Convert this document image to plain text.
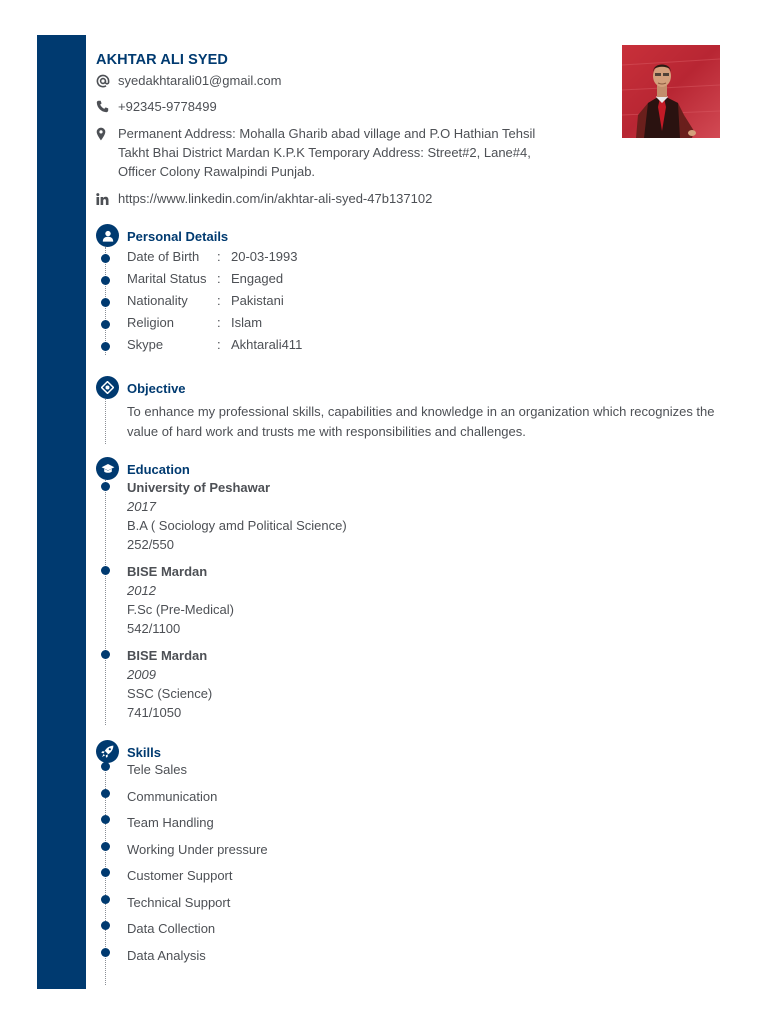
AKHTAR ALI SYED
syedakhtarali01@gmail.com
+92345-9778499
Permanent Address: Mohalla Gharib abad village and P.O Hathian Tehsil Takht Bhai District Mardan K.P.K Temporary Address: Street#2, Lane#4, Officer Colony Rawalpindi Punjab.
https://www.linkedin.com/in/akhtar-ali-syed-47b137102
Personal Details
Date of Birth : 20-03-1993
Marital Status : Engaged
Nationality : Pakistani
Religion	: Islam
Skype	: Akhtarali411
Objective
To enhance my professional skills, capabilities and knowledge in an organization which recognizes the value of hard work and trusts me with responsibilities and challenges.
Education
University of Peshawar
2017
B.A ( Sociology amd Political Science)
252/550
BISE Mardan
2012
F.Sc (Pre-Medical)
542/1100
BISE Mardan
2009
SSC (Science)
741/1050
Skills
Tele Sales
Communication
Team Handling
Working Under pressure
Customer Support
Technical Support
Data Collection
Data Analysis
